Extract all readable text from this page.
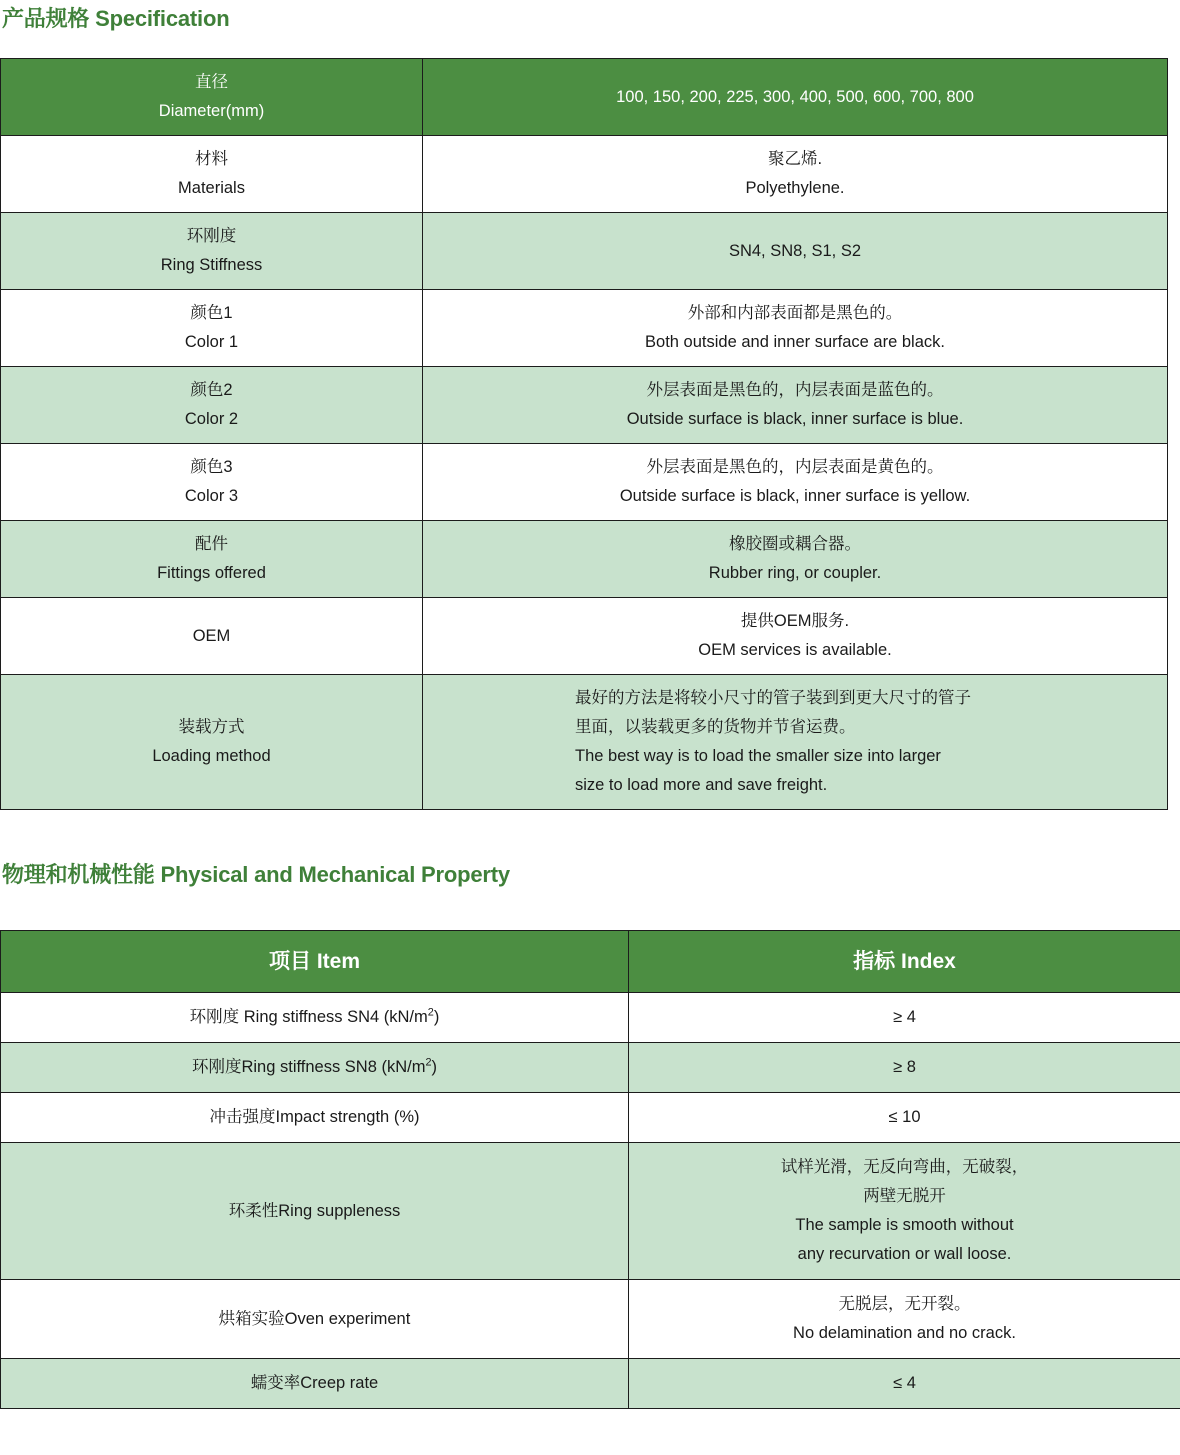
产品规格 Specification
直径
Diameter(mm)	100, 150, 200, 225, 300, 400, 500, 600, 700, 800

材料
Materials	聚乙烯.
Polyethylene.

环刚度
Ring Stiffness	SN4, SN8, S1, S2

颜色1
Color 1	外部和内部表面都是黑色的。
Both outside and inner surface are black.

颜色2
Color 2	外层表面是黑色的，内层表面是蓝色的。
Outside surface is black, inner surface is blue.

颜色3
Color 3	外层表面是黑色的，内层表面是黄色的。
Outside surface is black, inner surface is yellow.

配件
Fittings offered	橡胶圈或耦合器。
Rubber ring, or coupler.

OEM	提供OEM服务.
OEM services is available.

装载方式
Loading method	最好的方法是将较小尺寸的管子装到到更大尺寸的管子
里面，以装载更多的货物并节省运费。
The best way is to load the smaller size into larger
size to load more and save freight.
物理和机械性能 Physical and Mechanical Property
项目 Item	指标 Index
环刚度 Ring stiffness SN4 $(kN/m^2)$	≥ 4

环刚度Ring stiffness SN8 $(kN/m^2)$	≥ 8

冲击强度Impact strength (%)	≤ 10

环柔性Ring suppleness	试样光滑，无反向弯曲，无破裂，
两壁无脱开
The sample is smooth without
any recurvation or wall loose.

烘箱实验Oven experiment	无脱层，无开裂。
No delamination and no crack.

蠕变率Creep rate	≤ 4
